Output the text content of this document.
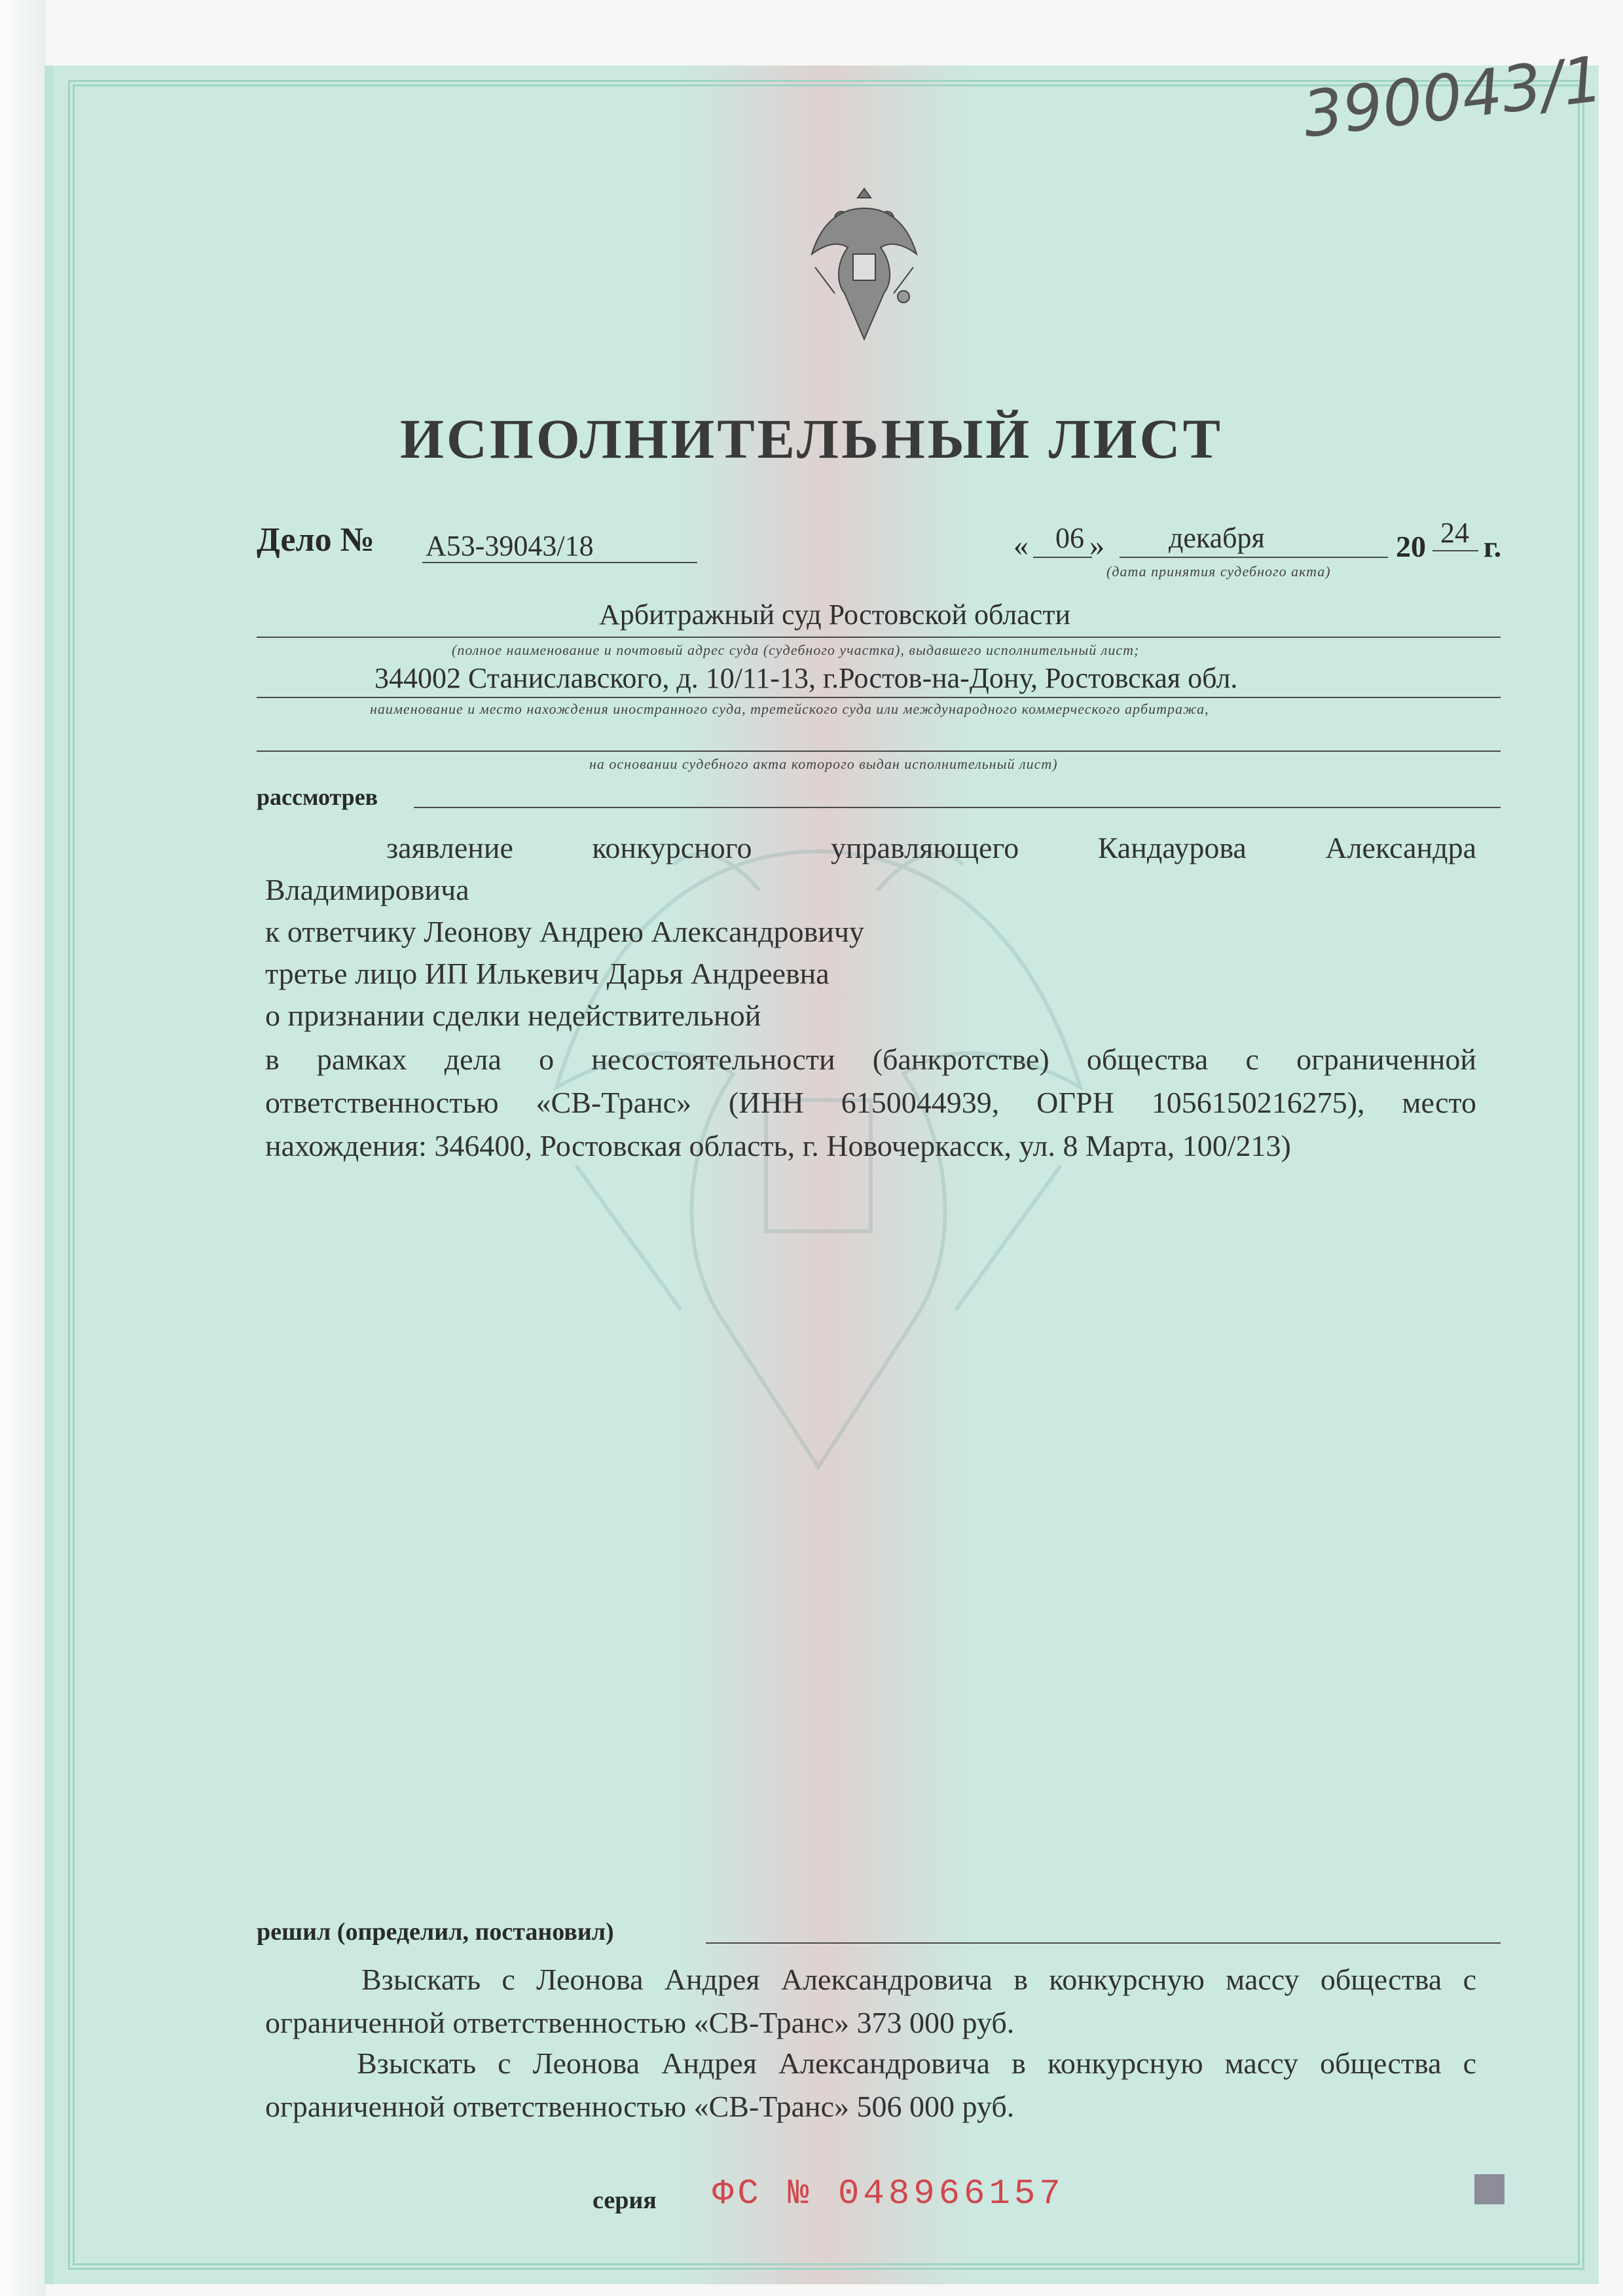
390043/1
ИСПОЛНИТЕЛЬНЫЙ ЛИСТ
Дело № А53-39043/18	« 06 » декабря	20 24 г.
(дата принятия судебного акта)
Арбитражный суд Ростовской области
(полное наименование и почтовый адрес суда (судебного участка), выдавшего исполнительный лист;
344002 Станиславского, д. 10/11-13, г.Ростов-на-Дону, Ростовская обл.
наименование и место нахождения иностранного суда, третейского суда или международного коммерческого арбитража,
на основании судебного акта которого выдан исполнительный лист)
рассмотрев
заявление конкурсного управляющего Кандаурова Александра
Владимировича
к ответчику Леонову Андрею Александровичу
третье лицо ИП Илькевич Дарья Андреевна
о признании сделки недействительной
в рамках дела о несостоятельности (банкротстве) общества с ограниченной
ответственностью «СВ-Транс» (ИНН 6150044939, ОГРН 1056150216275), место
нахождения: 346400, Ростовская область, г. Новочеркасск, ул. 8 Марта, 100/213)
решил (определил, постановил)
Взыскать с Леонова Андрея Александровича в конкурсную массу общества с
ограниченной ответственностью «СВ-Транс» 373 000 руб.
Взыскать с Леонова Андрея Александровича в конкурсную массу общества с
ограниченной ответственностью «СВ-Транс» 506 000 руб.
серия ФС № 048966157
